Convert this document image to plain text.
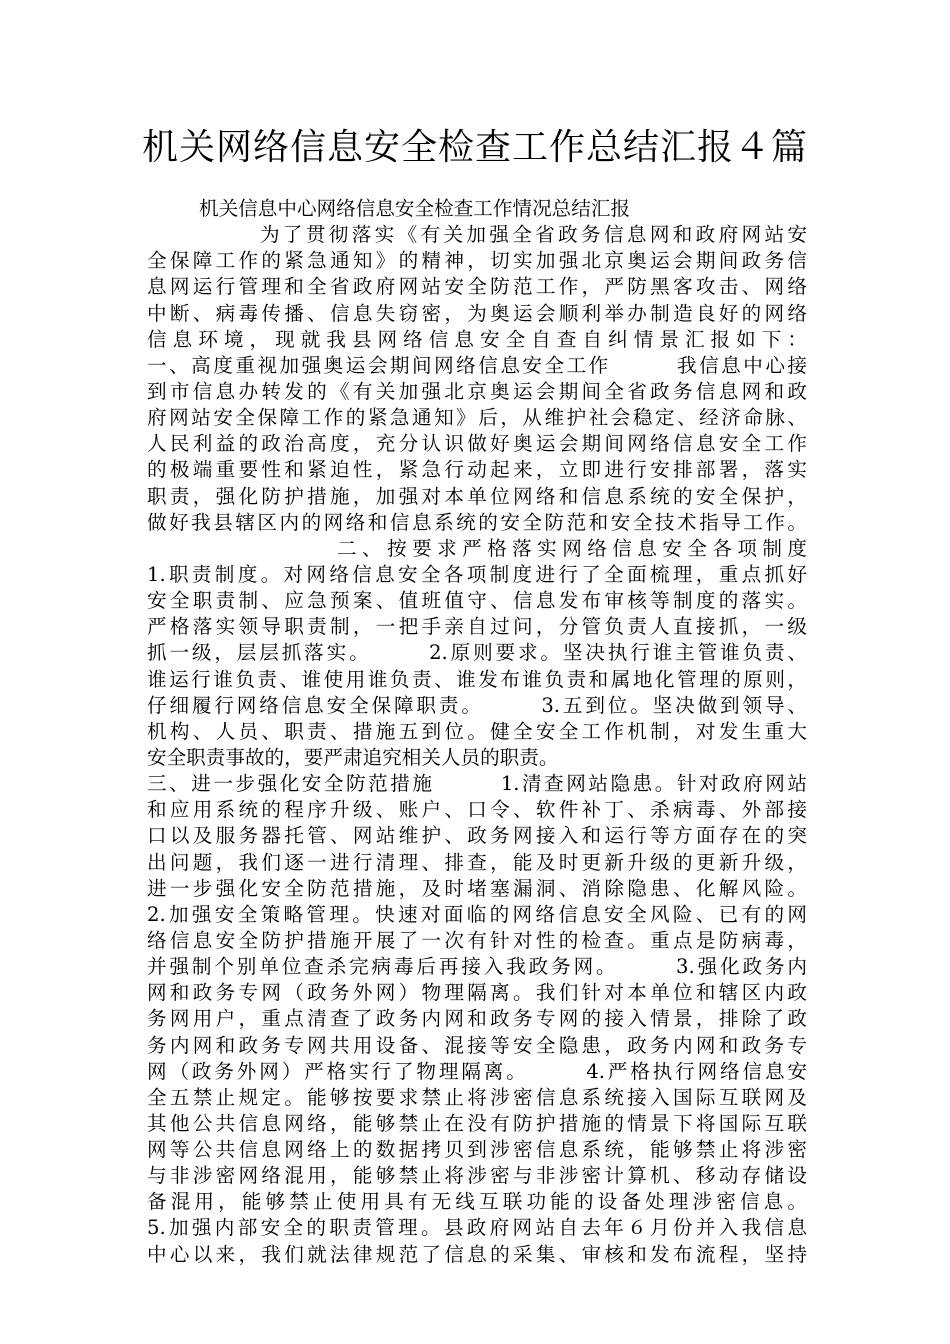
机关网络信息安全检查工作总结汇报４篇
机关信息中心网络信息安全检查工作情况总结汇报
为了贯彻落实《有关加强全省政务信息网和政府网站安
全保障工作的紧急通知》的精神，切实加强北京奥运会期间政务信
息网运行管理和全省政府网站安全防范工作，严防黑客攻击、网络
中断、病毒传播、信息失窃密，为奥运会顺利举办制造良好的网络
信息环境，现就我县网络信息安全自查自纠情景汇报如下：
一、高度重视加强奥运会期间网络信息安全工作　　　我信息中心接
到市信息办转发的《有关加强北京奥运会期间全省政务信息网和政
府网站安全保障工作的紧急通知》后，从维护社会稳定、经济命脉、
人民利益的政治高度，充分认识做好奥运会期间网络信息安全工作
的极端重要性和紧迫性，紧急行动起来，立即进行安排部署，落实
职责，强化防护措施，加强对本单位网络和信息系统的安全保护，
做好我县辖区内的网络和信息系统的安全防范和安全技术指导工作。
二、按要求严格落实网络信息安全各项制度
1.职责制度。对网络信息安全各项制度进行了全面梳理，重点抓好
安全职责制、应急预案、值班值守、信息发布审核等制度的落实。
严格落实领导职责制，一把手亲自过问，分管负责人直接抓，一级
抓一级，层层抓落实。　　　2.原则要求。坚决执行谁主管谁负责、
谁运行谁负责、谁使用谁负责、谁发布谁负责和属地化管理的原则，
仔细履行网络信息安全保障职责。　　　3.五到位。坚决做到领导、
机构、人员、职责、措施五到位。健全安全工作机制，对发生重大
安全职责事故的，要严肃追究相关人员的职责。
三、进一步强化安全防范措施　　　1.清查网站隐患。针对政府网站
和应用系统的程序升级、账户、口令、软件补丁、杀病毒、外部接
口以及服务器托管、网站维护、政务网接入和运行等方面存在的突
出问题，我们逐一进行清理、排查，能及时更新升级的更新升级，
进一步强化安全防范措施，及时堵塞漏洞、消除隐患、化解风险。
2.加强安全策略管理。快速对面临的网络信息安全风险、已有的网
络信息安全防护措施开展了一次有针对性的检查。重点是防病毒，
并强制个别单位查杀完病毒后再接入我政务网。　　　3.强化政务内
网和政务专网（政务外网）物理隔离。我们针对本单位和辖区内政
务网用户，重点清查了政务内网和政务专网的接入情景，排除了政
务内网和政务专网共用设备、混接等安全隐患，政务内网和政务专
网（政务外网）严格实行了物理隔离。　　　4.严格执行网络信息安
全五禁止规定。能够按要求禁止将涉密信息系统接入国际互联网及
其他公共信息网络，能够禁止在没有防护措施的情景下将国际互联
网等公共信息网络上的数据拷贝到涉密信息系统，能够禁止将涉密
与非涉密网络混用，能够禁止将涉密与非涉密计算机、移动存储设
备混用，能够禁止使用具有无线互联功能的设备处理涉密信息。
5.加强内部安全的职责管理。县政府网站自去年６月份并入我信息
中心以来，我们就法律规范了信息的采集、审核和发布流程，坚持
